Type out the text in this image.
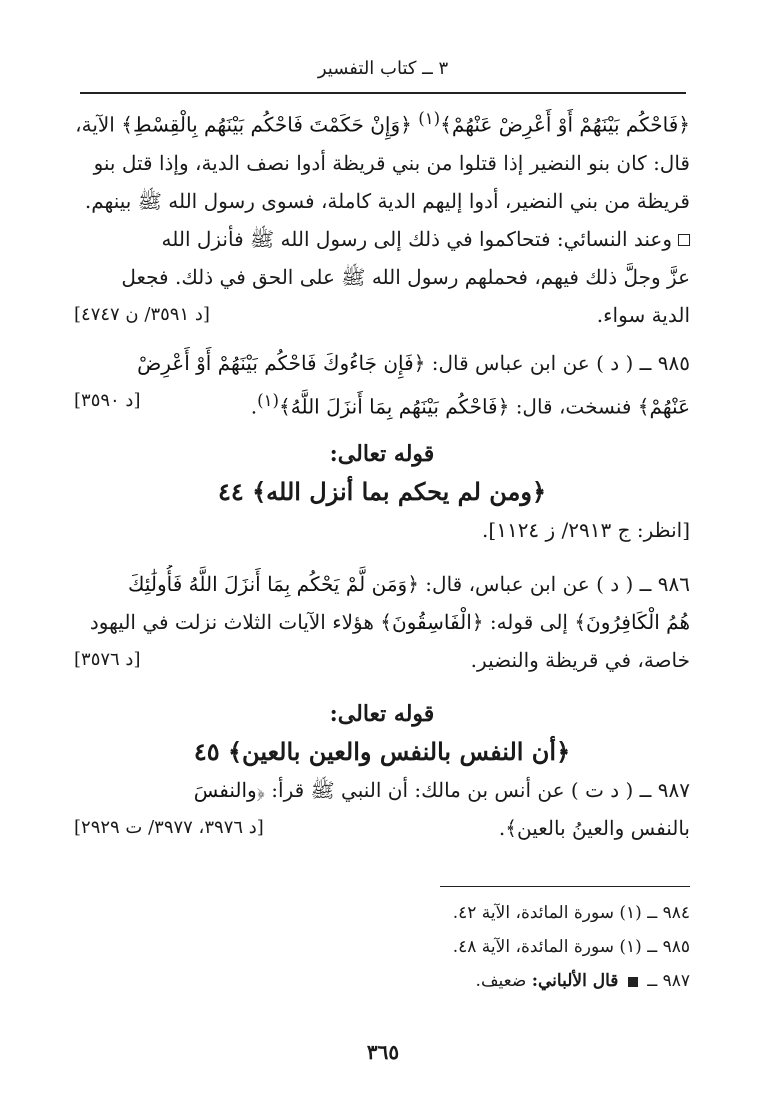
٣ ــ كتاب التفسير
﴿فَاحْكُم بَيْنَهُمْ أَوْ أَعْرِضْ عَنْهُمْ﴾$^{(١)}$ ﴿وَإِنْ حَكَمْتَ فَاحْكُم بَيْنَهُم بِالْقِسْطِ﴾ الآية،
قال: كان بنو النضير إذا قتلوا من بني قريظة أدوا نصف الدية، وإذا قتل بنو
قريظة من بني النضير، أدوا إليهم الدية كاملة، فسوى رسول الله ﷺ بينهم.
وعند النسائي: فتحاكموا في ذلك إلى رسول الله ﷺ فأنزل الله
عزَّ وجلَّ ذلك فيهم، فحملهم رسول الله ﷺ على الحق في ذلك. فجعل
الدية سواء.
[د ٣٥٩١/ ن ٤٧٤٧]
٩٨٥ ــ ( د ) عن ابن عباس قال: ﴿فَإِن جَاءُوكَ فَاحْكُم بَيْنَهُمْ أَوْ أَعْرِضْ
عَنْهُمْ﴾ فنسخت، قال: ﴿فَاحْكُم بَيْنَهُم بِمَا أَنزَلَ اللَّهُ﴾$^{(١)}$.
[د ٣٥٩٠]
قوله تعالى:
﴿ومن لم يحكم بما أنزل الله﴾ ٤٤
[انظر: ج ٢٩١٣/ ز ١١٢٤].
٩٨٦ ــ ( د ) عن ابن عباس، قال: ﴿وَمَن لَّمْ يَحْكُم بِمَا أَنزَلَ اللَّهُ فَأُولَٰئِكَ
هُمُ الْكَافِرُونَ﴾ إلى قوله: ﴿الْفَاسِقُونَ﴾ هؤلاء الآيات الثلاث نزلت في اليهود
خاصة، في قريظة والنضير.
[د ٣٥٧٦]
قوله تعالى:
﴿أن النفس بالنفس والعين بالعين﴾ ٤٥
٩٨٧ ــ ( د ت ) عن أنس بن مالك: أن النبي ﷺ قرأ: ﴿والنفسَ
بالنفس والعينُ بالعين﴾.
[د ٣٩٧٦، ٣٩٧٧/ ت ٢٩٢٩]
٩٨٤ ــ (١) سورة المائدة، الآية ٤٢.
٩٨٥ ــ (١) سورة المائدة، الآية ٤٨.
٩٨٧ ــ  قال الألباني: ضعيف.
٣٦٥
